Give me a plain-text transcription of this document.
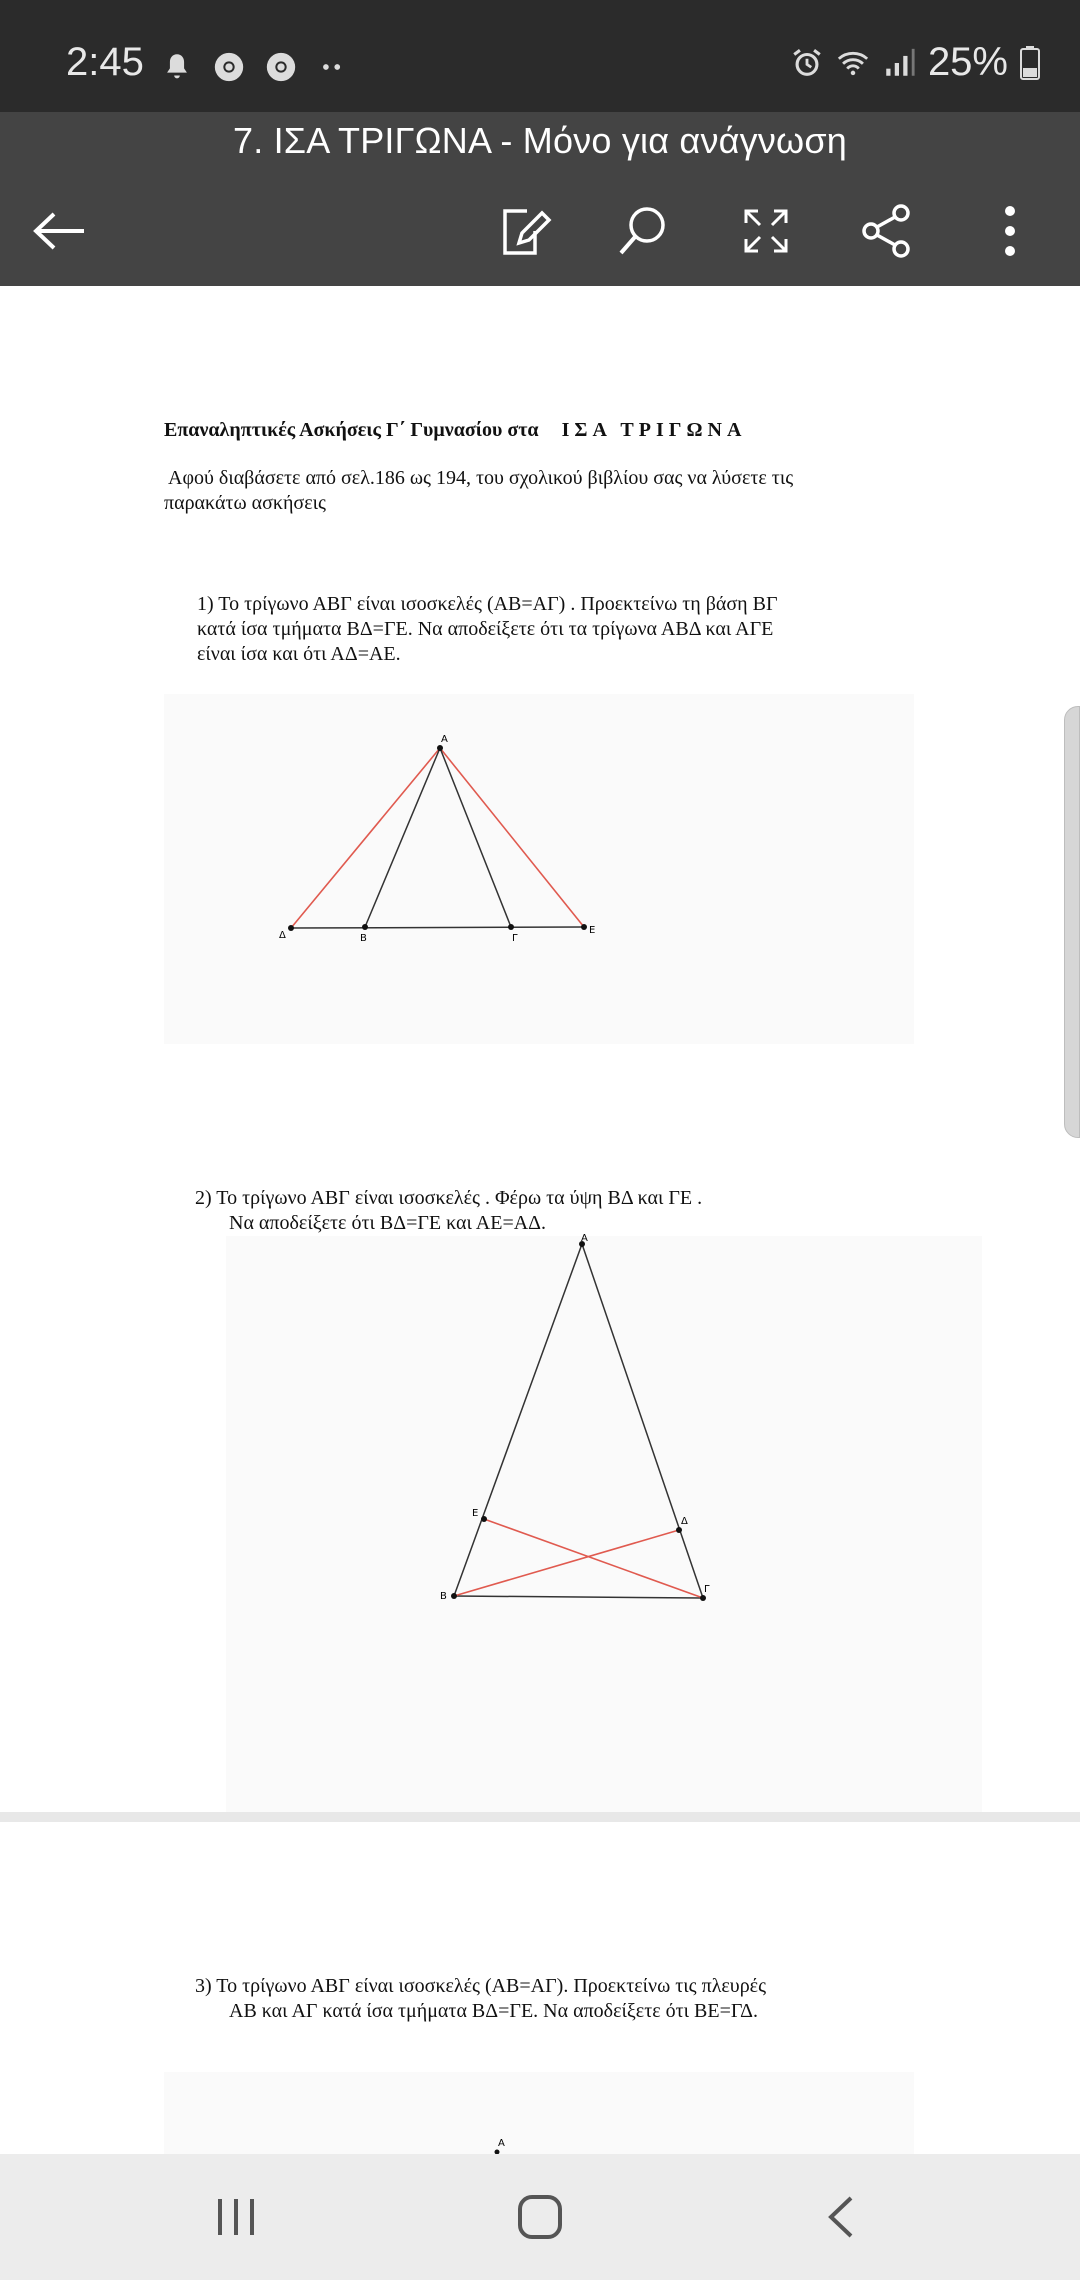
2:45	25%
7. ΙΣΑ ΤΡΙΓΩΝΑ - Μόνο για ανάγνωση
Επαναληπτικές Ασκήσεις Γ΄ Γυμνασίου στα ΙΣΑ ΤΡΙΓΩΝΑ
Αφού διαβάσετε από σελ.186 ως 194, του σχολικού βιβλίου σας να λύσετε τις
παρακάτω ασκήσεις
1) Το τρίγωνο ΑΒΓ είναι ισοσκελές (ΑΒ=ΑΓ) . Προεκτείνω τη βάση ΒΓ
κατά ίσα τμήματα ΒΔ=ΓΕ. Να αποδείξετε ότι τα τρίγωνα ΑΒΔ και ΑΓΕ
είναι ίσα και ότι ΑΔ=ΑΕ.
Α
Δ	Β	Γ
Ε
2) Το τρίγωνο ΑΒΓ είναι ισοσκελές . Φέρω τα ύψη ΒΔ και ΓΕ .
Να αποδείξετε ότι ΒΔ=ΓΕ και ΑΕ=ΑΔ.
Α
Ε
Δ
Β
Γ
3) Το τρίγωνο ΑΒΓ είναι ισοσκελές (ΑΒ=ΑΓ). Προεκτείνω τις πλευρές
ΑΒ και ΑΓ κατά ίσα τμήματα ΒΔ=ΓΕ. Να αποδείξετε ότι ΒΕ=ΓΔ.
Α
